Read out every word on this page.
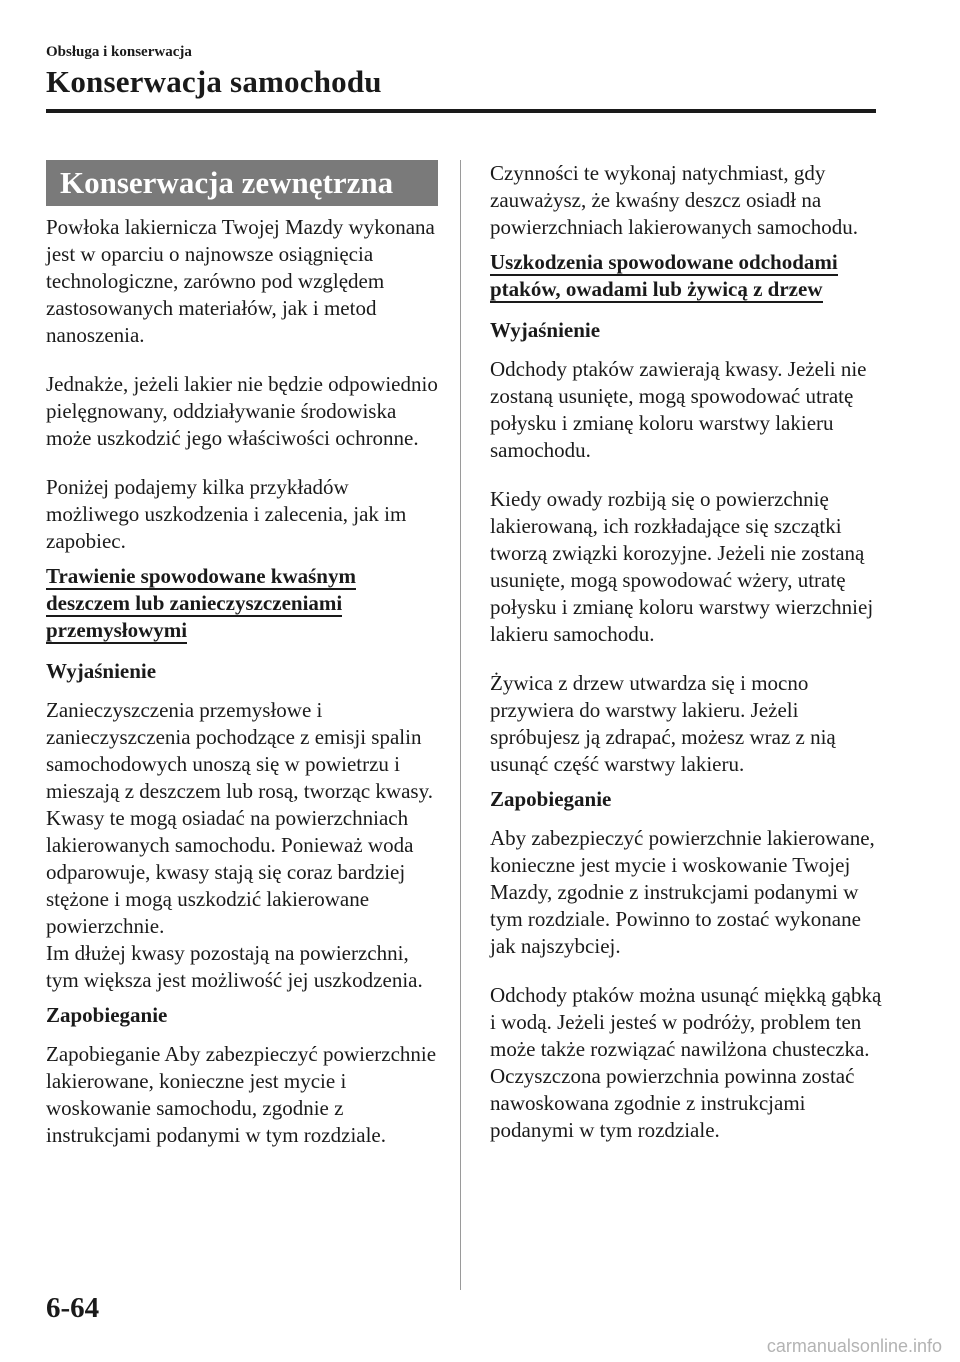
Obsługa i konserwacja
Konserwacja samochodu
Konserwacja zewnętrzna

Powłoka lakiernicza Twojej Mazdy wykonana jest w oparciu o najnowsze osiągnięcia technologiczne, zarówno pod względem zastosowanych materiałów, jak i metod nanoszenia.

Jednakże, jeżeli lakier nie będzie odpowiednio pielęgnowany, oddziaływanie środowiska może uszkodzić jego właściwości ochronne.

Poniżej podajemy kilka przykładów możliwego uszkodzenia i zalecenia, jak im zapobiec.

Trawienie spowodowane kwaśnym
deszczem lub zanieczyszczeniami
przemysłowymi
Wyjaśnienie

Zanieczyszczenia przemysłowe i zanieczyszczenia pochodzące z emisji spalin samochodowych unoszą się w powietrzu i mieszają z deszczem lub rosą, tworząc kwasy. Kwasy te mogą osiadać na powierzchniach lakierowanych samochodu. Ponieważ woda odparowuje, kwasy stają się coraz bardziej stężone i mogą uszkodzić lakierowane powierzchnie.

Im dłużej kwasy pozostają na powierzchni, tym większa jest możliwość jej uszkodzenia.

Zapobieganie

Zapobieganie Aby zabezpieczyć powierzchnie lakierowane, konieczne jest mycie i woskowanie samochodu, zgodnie z instrukcjami podanymi w tym rozdziale.

Czynności te wykonaj natychmiast, gdy zauważysz, że kwaśny deszcz osiadł na powierzchniach lakierowanych samochodu.

Uszkodzenia spowodowane odchodami
ptaków, owadami lub żywicą z drzew
Wyjaśnienie

Odchody ptaków zawierają kwasy. Jeżeli nie zostaną usunięte, mogą spowodować utratę połysku i zmianę koloru warstwy lakieru samochodu.

Kiedy owady rozbiją się o powierzchnię lakierowaną, ich rozkładające się szczątki tworzą związki korozyjne. Jeżeli nie zostaną usunięte, mogą spowodować wżery, utratę połysku i zmianę koloru warstwy wierzchniej lakieru samochodu.

Żywica z drzew utwardza się i mocno przywiera do warstwy lakieru. Jeżeli spróbujesz ją zdrapać, możesz wraz z nią usunąć część warstwy lakieru.

Zapobieganie

Aby zabezpieczyć powierzchnie lakierowane, konieczne jest mycie i woskowanie Twojej Mazdy, zgodnie z instrukcjami podanymi w tym rozdziale. Powinno to zostać wykonane jak najszybciej.

Odchody ptaków można usunąć miękką gąbką i wodą. Jeżeli jesteś w podróży, problem ten może także rozwiązać nawilżona chusteczka. Oczyszczona powierzchnia powinna zostać nawoskowana zgodnie z instrukcjami podanymi w tym rozdziale.

6-64
carmanualsonline.info
